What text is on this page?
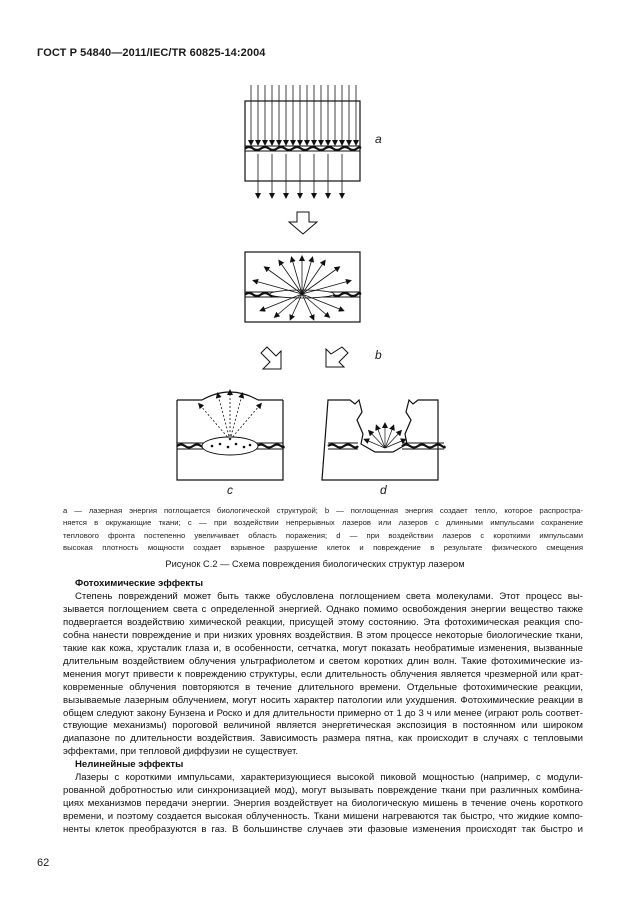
ГОСТ Р 54840—2011/IEC/TR 60825-14:2004
a
b
c	d
a — лазерная энергия поглощается биологической структурой; b — поглощенная энергия создает тепло, которое распростра-
няется в окружающие ткани; c — при воздействии непрерывных лазеров или лазеров с длинными импульсами сохранение
теплового фронта постепенно увеличивает область поражения; d — при воздействии лазеров с короткими импульсами
высокая плотность мощности создает взрывное разрушение клеток и повреждение в результате физического смещения
Рисунок С.2 — Схема повреждения биологических структур лазером
Фотохимические эффекты
Степень повреждений может быть также обусловлена поглощением света молекулами. Этот процесс вы-
зывается поглощением света с определенной энергией. Однако помимо освобождения энергии вещество также
подвергается воздействию химической реакции, присущей этому состоянию. Эта фотохимическая реакция спо-
собна нанести повреждение и при низких уровнях воздействия. В этом процессе некоторые биологические ткани,
такие как кожа, хрусталик глаза и, в особенности, сетчатка, могут показать необратимые изменения, вызванные
длительным воздействием облучения ультрафиолетом и светом коротких длин волн. Такие фотохимические из-
менения могут привести к повреждению структуры, если длительность облучения является чрезмерной или крат-
ковременные облучения повторяются в течение длительного времени. Отдельные фотохимические реакции,
вызываемые лазерным облучением, могут носить характер патологии или ухудшения. Фотохимические реакции в
общем следуют закону Бунзена и Роско и для длительности примерно от 1 до 3 ч или менее (играют роль соответ-
ствующие механизмы) пороговой величиной является энергетическая экспозиция в постоянном или широком
диапазоне по длительности воздействия. Зависимость размера пятна, как происходит в случаях с тепловыми
эффектами, при тепловой диффузии не существует.
Нелинейные эффекты
Лазеры с короткими импульсами, характеризующиеся высокой пиковой мощностью (например, с модули-
рованной добротностью или синхронизацией мод), могут вызывать повреждение ткани при различных комбина-
циях механизмов передачи энергии. Энергия воздействует на биологическую мишень в течение очень короткого
времени, и поэтому создается высокая облученность. Ткани мишени нагреваются так быстро, что жидкие компо-
ненты клеток преобразуются в газ. В большинстве случаев эти фазовые изменения происходят так быстро и
62
